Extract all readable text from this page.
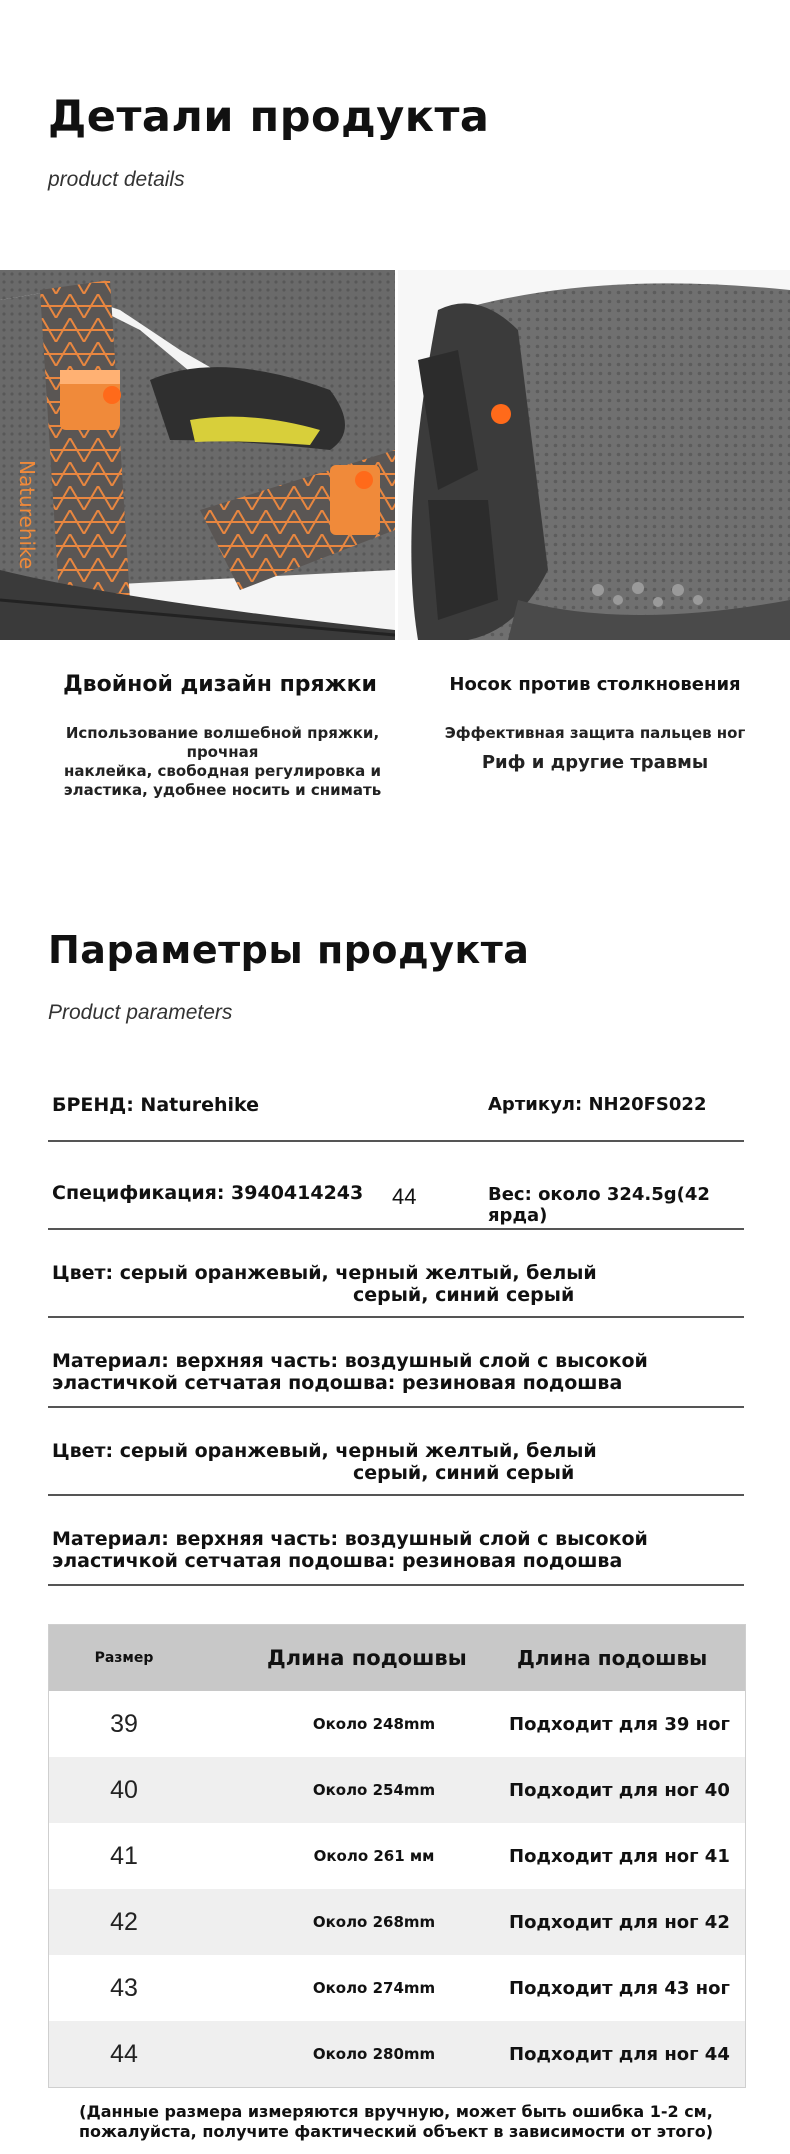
Детали продукта
product details
Naturehike
Двойной дизайн пряжки
Использование волшебной пряжки, прочная
наклейка, свободная регулировка и
эластика, удобнее носить и снимать
Носок против столкновения
Эффективная защита пальцев ног
Риф и другие травмы
Параметры продукта
Product parameters
БРЕНД: Naturehike	Артикул: NH20FS022
Спецификация: 3940414243 44	Вес: около 324.5g(42 ярда)
Цвет: серый оранжевый, черный желтый, белый
серый, синий серый
Материал: верхняя часть: воздушный слой с высокой
эластичкой сетчатая подошва: резиновая подошва
Цвет: серый оранжевый, черный желтый, белый
серый, синий серый
Материал: верхняя часть: воздушный слой с высокой
эластичкой сетчатая подошва: резиновая подошва
Размер	Длина подошвы	Длина подошвы
39	Около 248mm	Подходит для 39 ног
40	Около 254mm	Подходит для ног 40
41	Около 261 мм	Подходит для ног 41
42	Около 268mm	Подходит для ног 42
43	Около 274mm	Подходит для 43 ног
44	Около 280mm	Подходит для ног 44
(Данные размера измеряются вручную, может быть ошибка 1-2 см,
пожалуйста, получите фактический объект в зависимости от этого)
